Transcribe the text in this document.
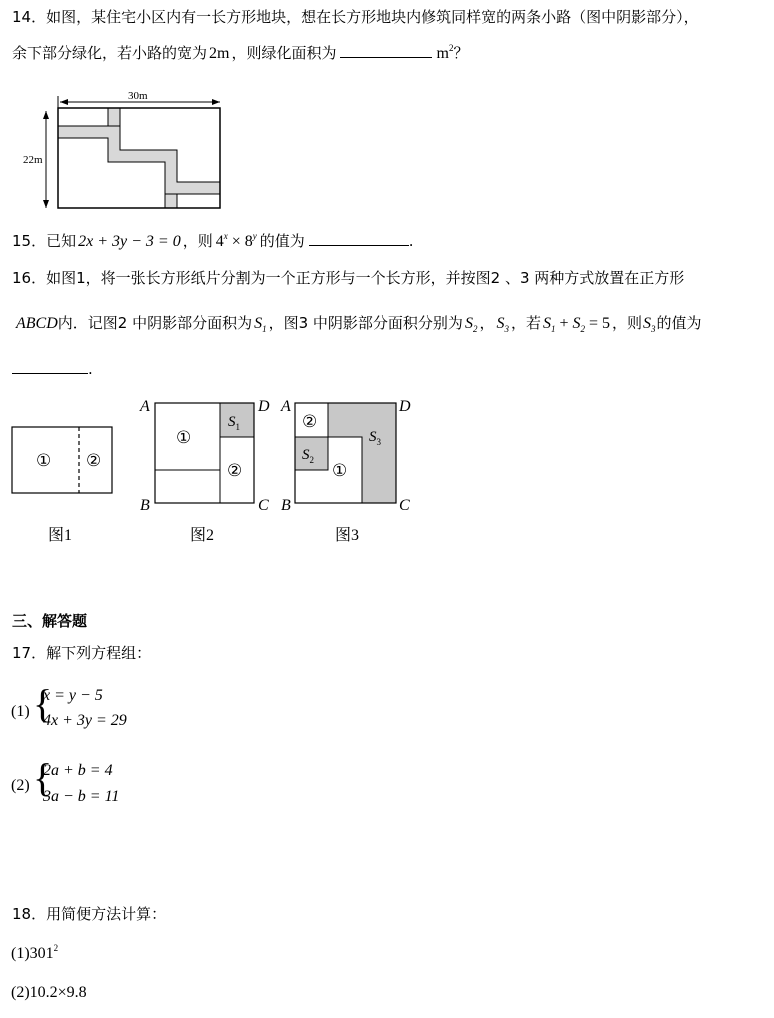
14．如图，某住宅小区内有一长方形地块，想在长方形地块内修筑同样宽的两条小路（图中阴影部分），
余下部分绿化，若小路的宽为 2m ，则绿化面积为	$m^2$？
30m
22m
15．已知 2x + 3y − 3 = 0 ，则 $4^x \times 8^y$ 的值为	.
16．如图1，将一张长方形纸片分割为一个正方形与一个长方形，并按图2 、3 两种方式放置在正方形
ABCD内．记图2 中阴影部分面积为 $S_1$ ，图3 中阴影部分面积分别为 $S_2$ ， $S_3$ ，若 $S_1 + S_2 = 5$ ，则$S_3$的值为
.
① ②
图1
A	D
B	C
①
②
$S_1$
图2
A	D
B	C
②
①
$S_2$
$S_3$
图3
三、解答题
17．解下列方程组：
(1) {
x = y − 5
4x + 3y = 29
(2) {
2a + b = 4
3a − b = 11
18．用简便方法计算：
$(1)301^2$
(2)10.2×9.8
